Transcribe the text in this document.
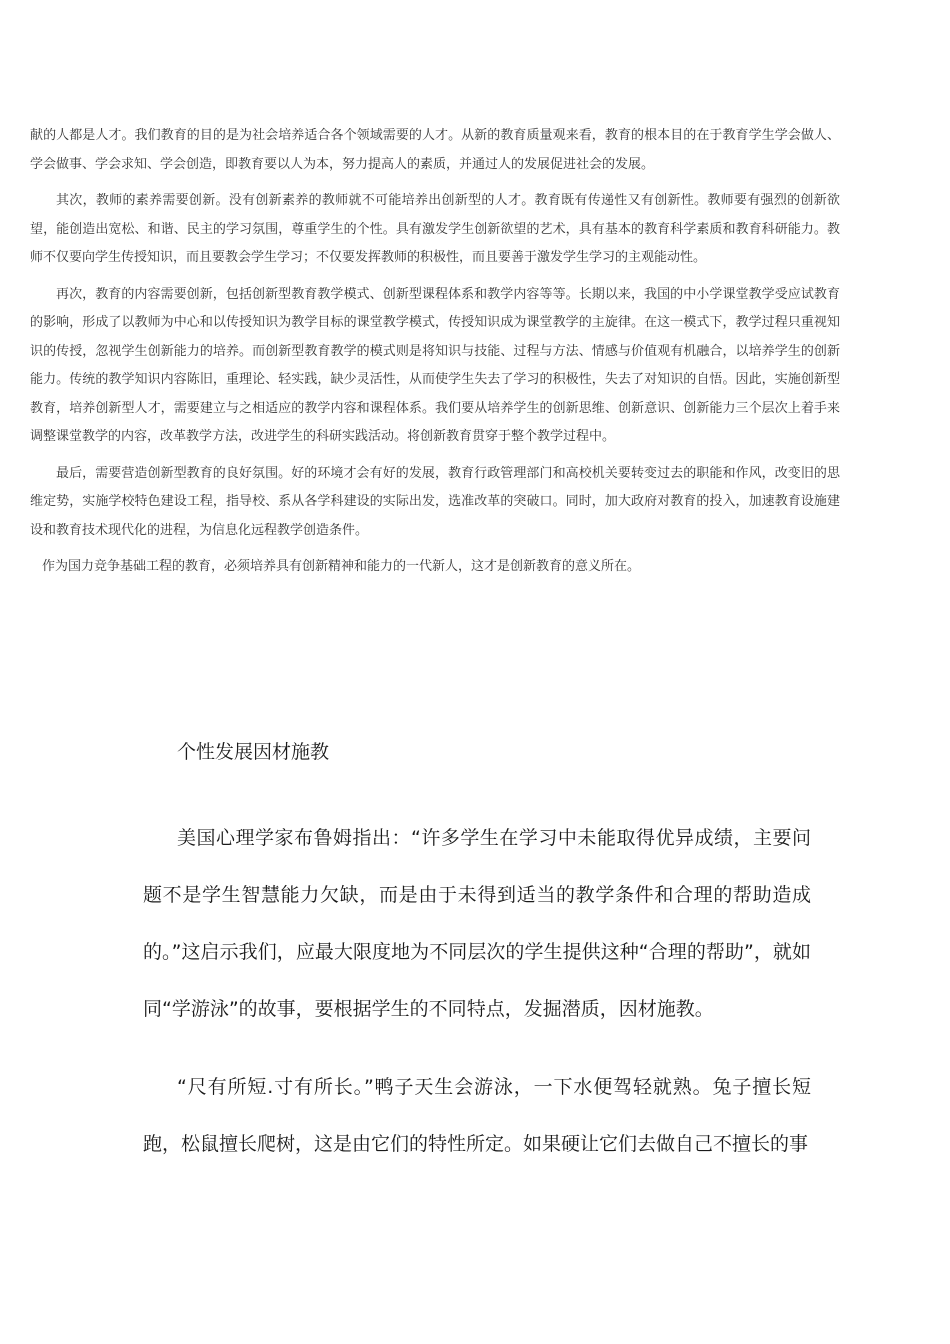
献的人都是人才。我们教育的目的是为社会培养适合各个领域需要的人才。从新的教育质量观来看，教育的根本目的在于教育学生学会做人、学会做事、学会求知、学会创造，即教育要以人为本，努力提高人的素质，并通过人的发展促进社会的发展。

其次，教师的素养需要创新。没有创新素养的教师就不可能培养出创新型的人才。教育既有传递性又有创新性。教师要有强烈的创新欲望，能创造出宽松、和谐、民主的学习氛围，尊重学生的个性。具有激发学生创新欲望的艺术，具有基本的教育科学素质和教育科研能力。教师不仅要向学生传授知识，而且要教会学生学习；不仅要发挥教师的积极性，而且要善于激发学生学习的主观能动性。

再次，教育的内容需要创新，包括创新型教育教学模式、创新型课程体系和教学内容等等。长期以来，我国的中小学课堂教学受应试教育的影响，形成了以教师为中心和以传授知识为教学目标的课堂教学模式，传授知识成为课堂教学的主旋律。在这一模式下，教学过程只重视知识的传授，忽视学生创新能力的培养。而创新型教育教学的模式则是将知识与技能、过程与方法、情感与价值观有机融合，以培养学生的创新能力。传统的教学知识内容陈旧，重理论、轻实践，缺少灵活性，从而使学生失去了学习的积极性，失去了对知识的自悟。因此，实施创新型教育，培养创新型人才，需要建立与之相适应的教学内容和课程体系。我们要从培养学生的创新思维、创新意识、创新能力三个层次上着手来调整课堂教学的内容，改革教学方法，改进学生的科研实践活动。将创新教育贯穿于整个教学过程中。

最后，需要营造创新型教育的良好氛围。好的环境才会有好的发展，教育行政管理部门和高校机关要转变过去的职能和作风，改变旧的思维定势，实施学校特色建设工程，指导校、系从各学科建设的实际出发，选准改革的突破口。同时，加大政府对教育的投入，加速教育设施建设和教育技术现代化的进程，为信息化远程教学创造条件。

作为国力竞争基础工程的教育，必须培养具有创新精神和能力的一代新人，这才是创新教育的意义所在。

个性发展因材施教

美国心理学家布鲁姆指出：“许多学生在学习中未能取得优异成绩，主要问题不是学生智慧能力欠缺，而是由于未得到适当的教学条件和合理的帮助造成的。”这启示我们，应最大限度地为不同层次的学生提供这种“合理的帮助”，就如同“学游泳”的故事，要根据学生的不同特点，发掘潜质，因材施教。

“尺有所短.寸有所长。”鸭子天生会游泳，一下水便驾轻就熟。兔子擅长短跑，松鼠擅长爬树，这是由它们的特性所定。如果硬让它们去做自己不擅长的事
